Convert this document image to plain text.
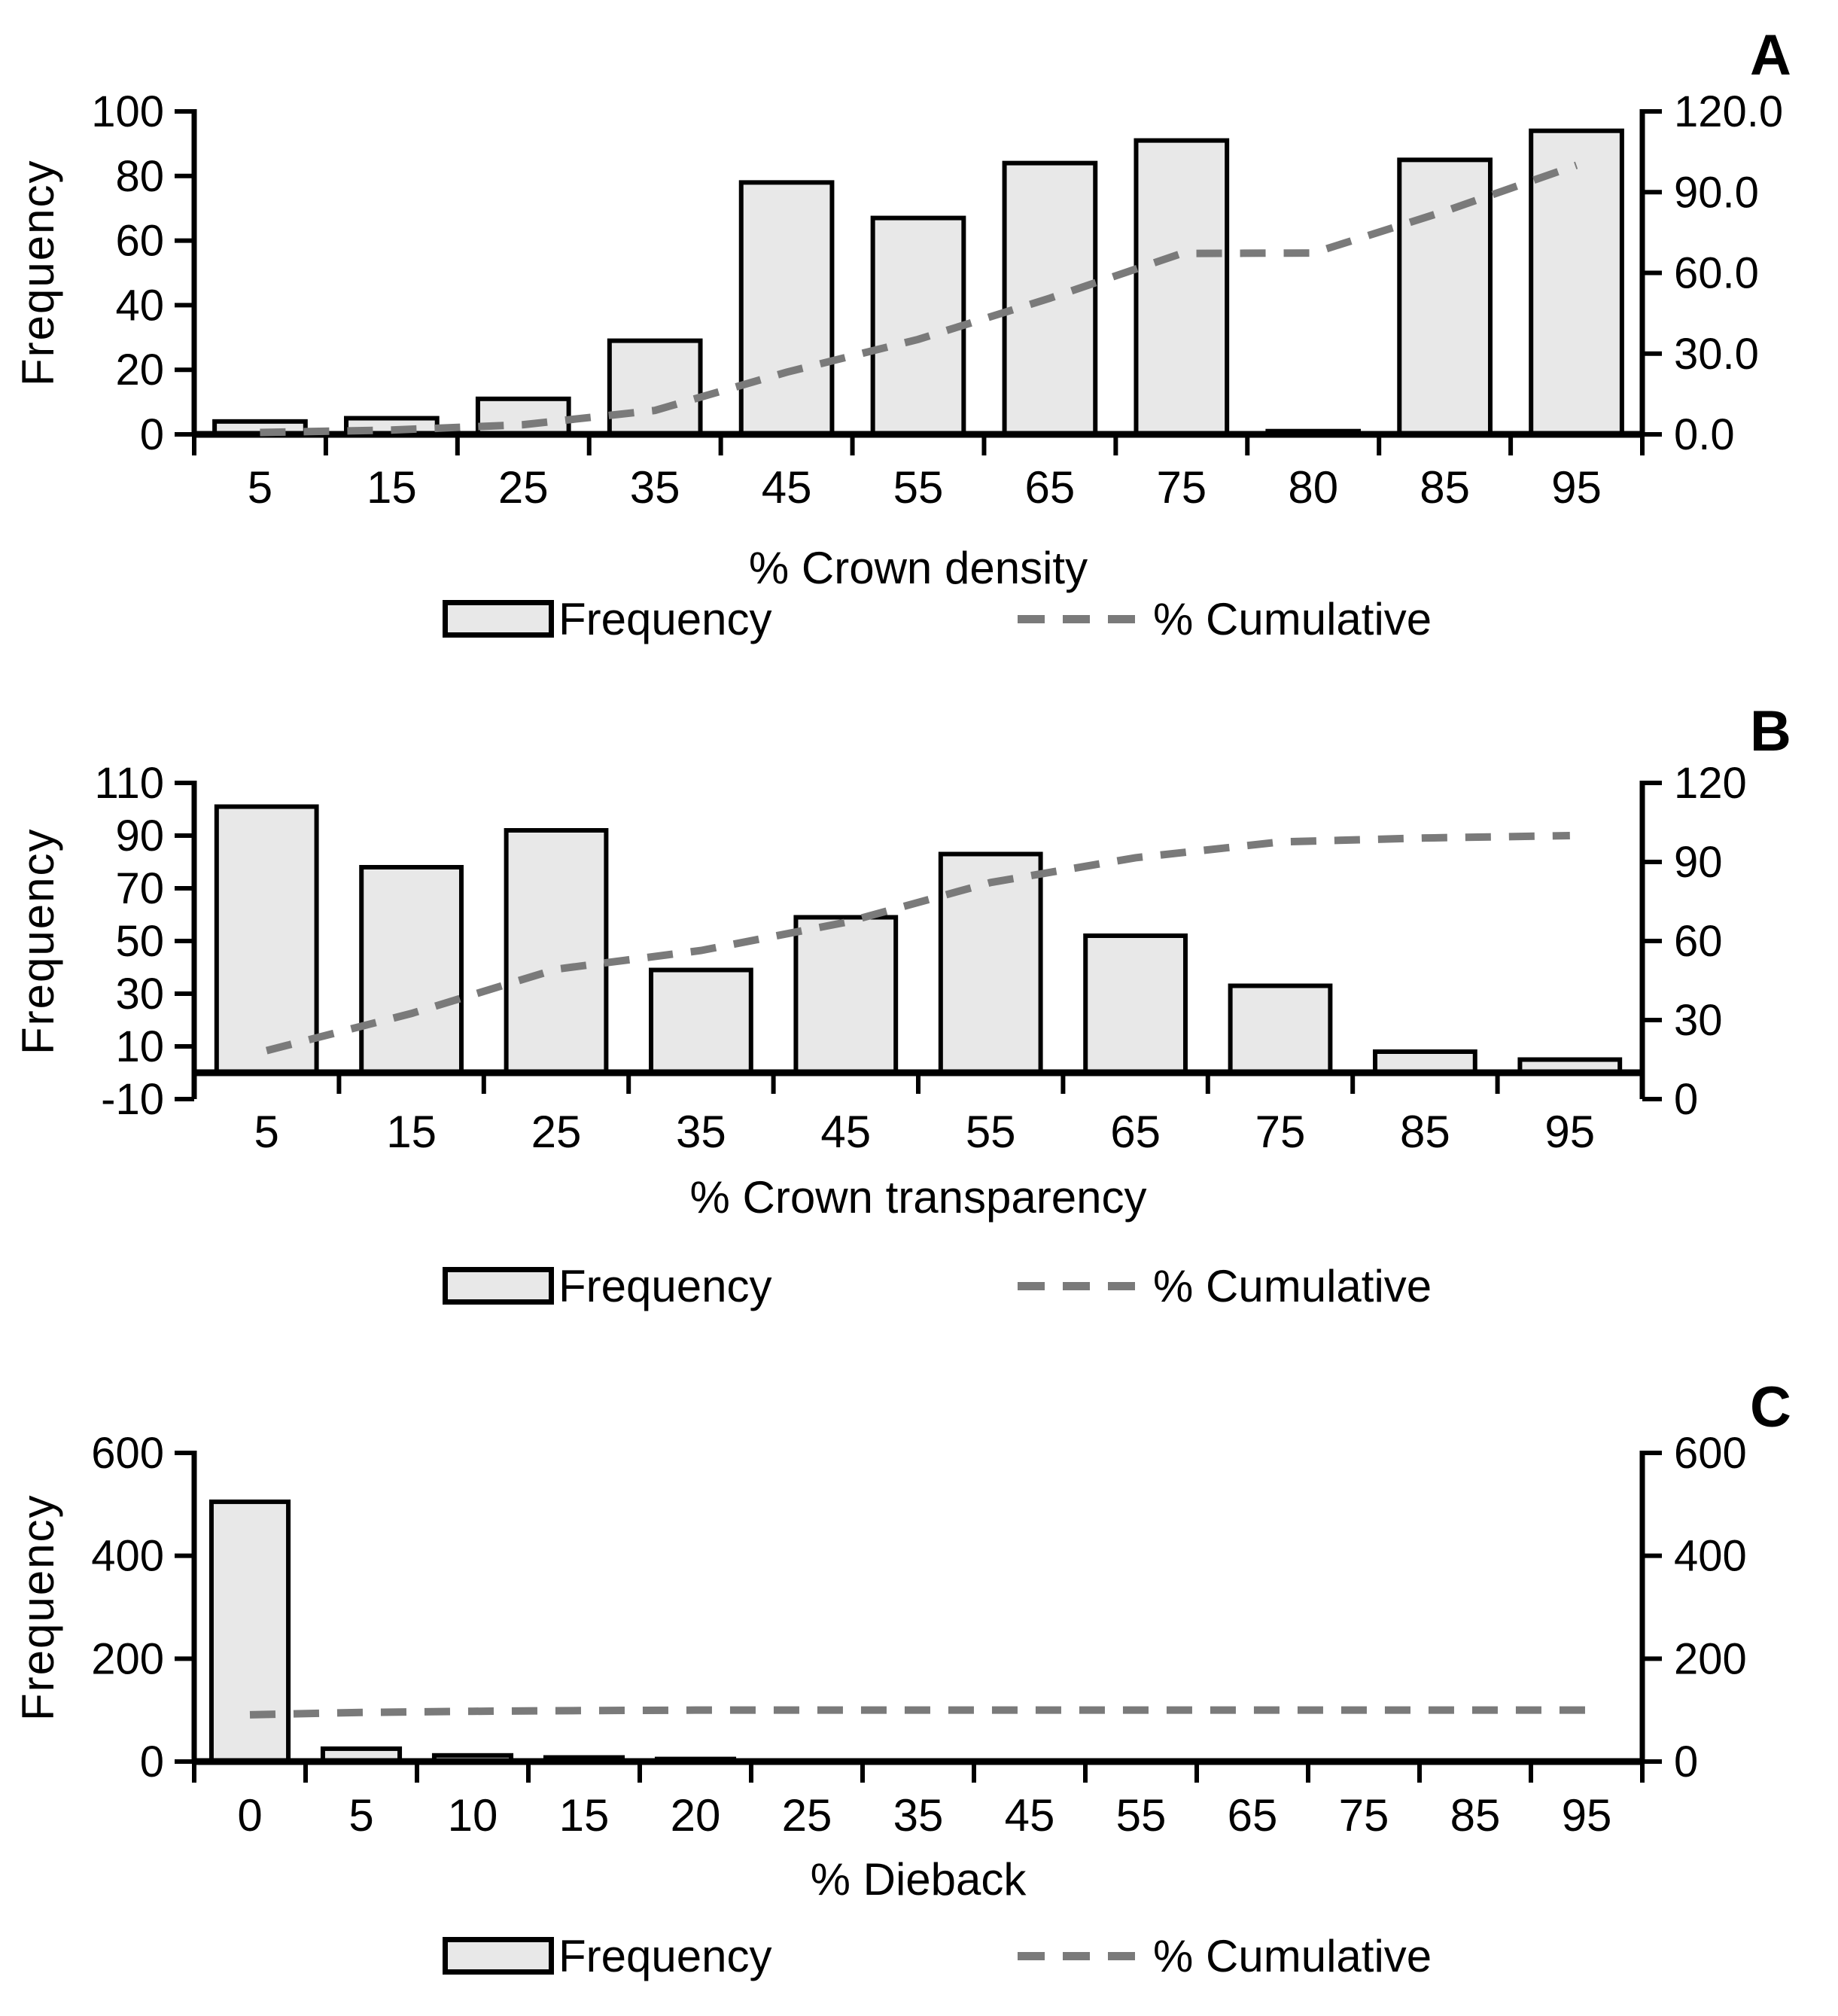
0
20
40
60
80
100
0.0
30.0
60.0
90.0
120.0
5 15 25 35 45 55 65 75 80 85 95
A
Frequency
% Crown density
Frequency	% Cumulative
-10
10
30
50
70
90
110
0
30
60
90
120
5 15 25 35 45 55 65 75 85 95
B
Frequency
% Crown transparency
Frequency	% Cumulative
0
200
400
600
0
200
400
600
0 5 10 15 20 25 35 45 55 65 75 85 95
C
Frequency
% Dieback
Frequency	% Cumulative
